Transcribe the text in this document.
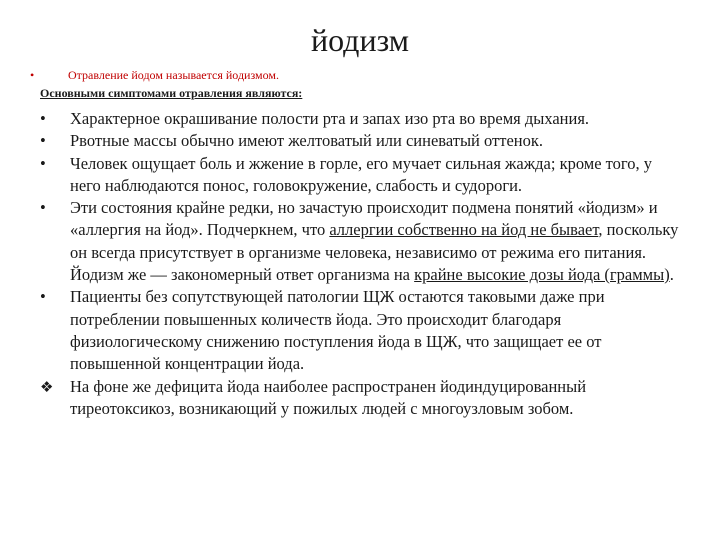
йодизм
•	Отравление йодом называется йодизмом.
Основными симптомами отравления являются:
•	Характерное окрашивание полости рта и запах изо рта во время дыхания.
•	Рвотные массы обычно имеют желтоватый или синеватый оттенок.
•	Человек ощущает боль и жжение в горле, его мучает сильная жажда; кроме того, у него наблюдаются понос, головокружение, слабость и судороги.
•	Эти состояния крайне редки, но зачастую происходит подмена понятий «йодизм» и «аллергия на йод». Подчеркнем, что аллергии собственно на йод не бывает, поскольку он всегда присутствует в организме человека, независимо от режима его питания. Йодизм же — закономерный ответ организма на крайне высокие дозы йода (граммы).
•	Пациенты без сопутствующей патологии ЩЖ остаются таковыми даже при потреблении повышенных количеств йода. Это происходит благодаря физиологическому снижению поступления йода в ЩЖ, что защищает ее от повышенной концентрации йода.
❖	На фоне же дефицита йода наиболее распространен йодиндуцированный тиреотоксикоз, возникающий у пожилых людей с многоузловым зобом.
